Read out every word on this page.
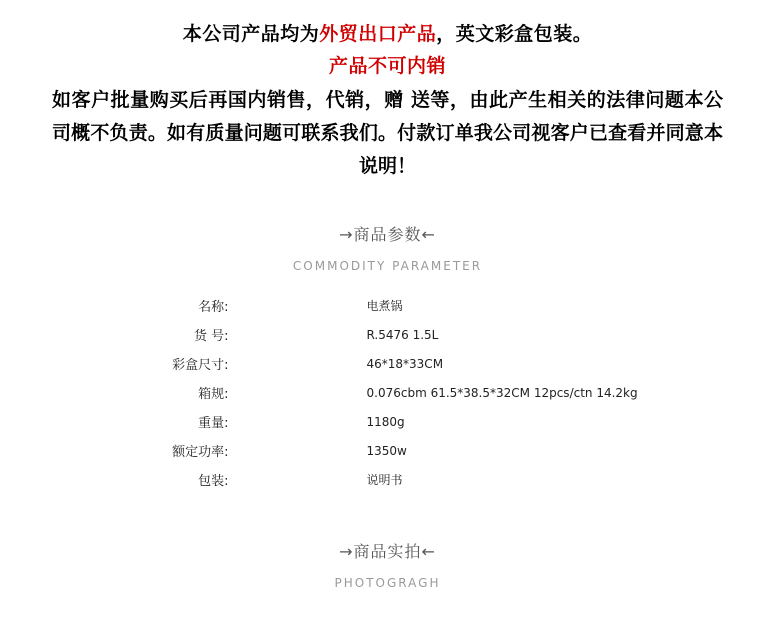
本公司产品均为外贸出口产品，英文彩盒包装。
产品不可内销
如客户批量购买后再国内销售，代销，赠 送等，由此产生相关的法律问题本公司概不负责。如有质量问题可联系我们。付款订单我公司视客户已查看并同意本说明！
→商品参数←
COMMODITY PARAMETER
名称:	电煮锅
货 号:	R.5476 1.5L
彩盒尺寸:	46*18*33CM
箱规:	0.076cbm 61.5*38.5*32CM 12pcs/ctn 14.2kg
重量:	1180g
额定功率:	1350w
包装:	说明书
→商品实拍←
PHOTOGRAGH
